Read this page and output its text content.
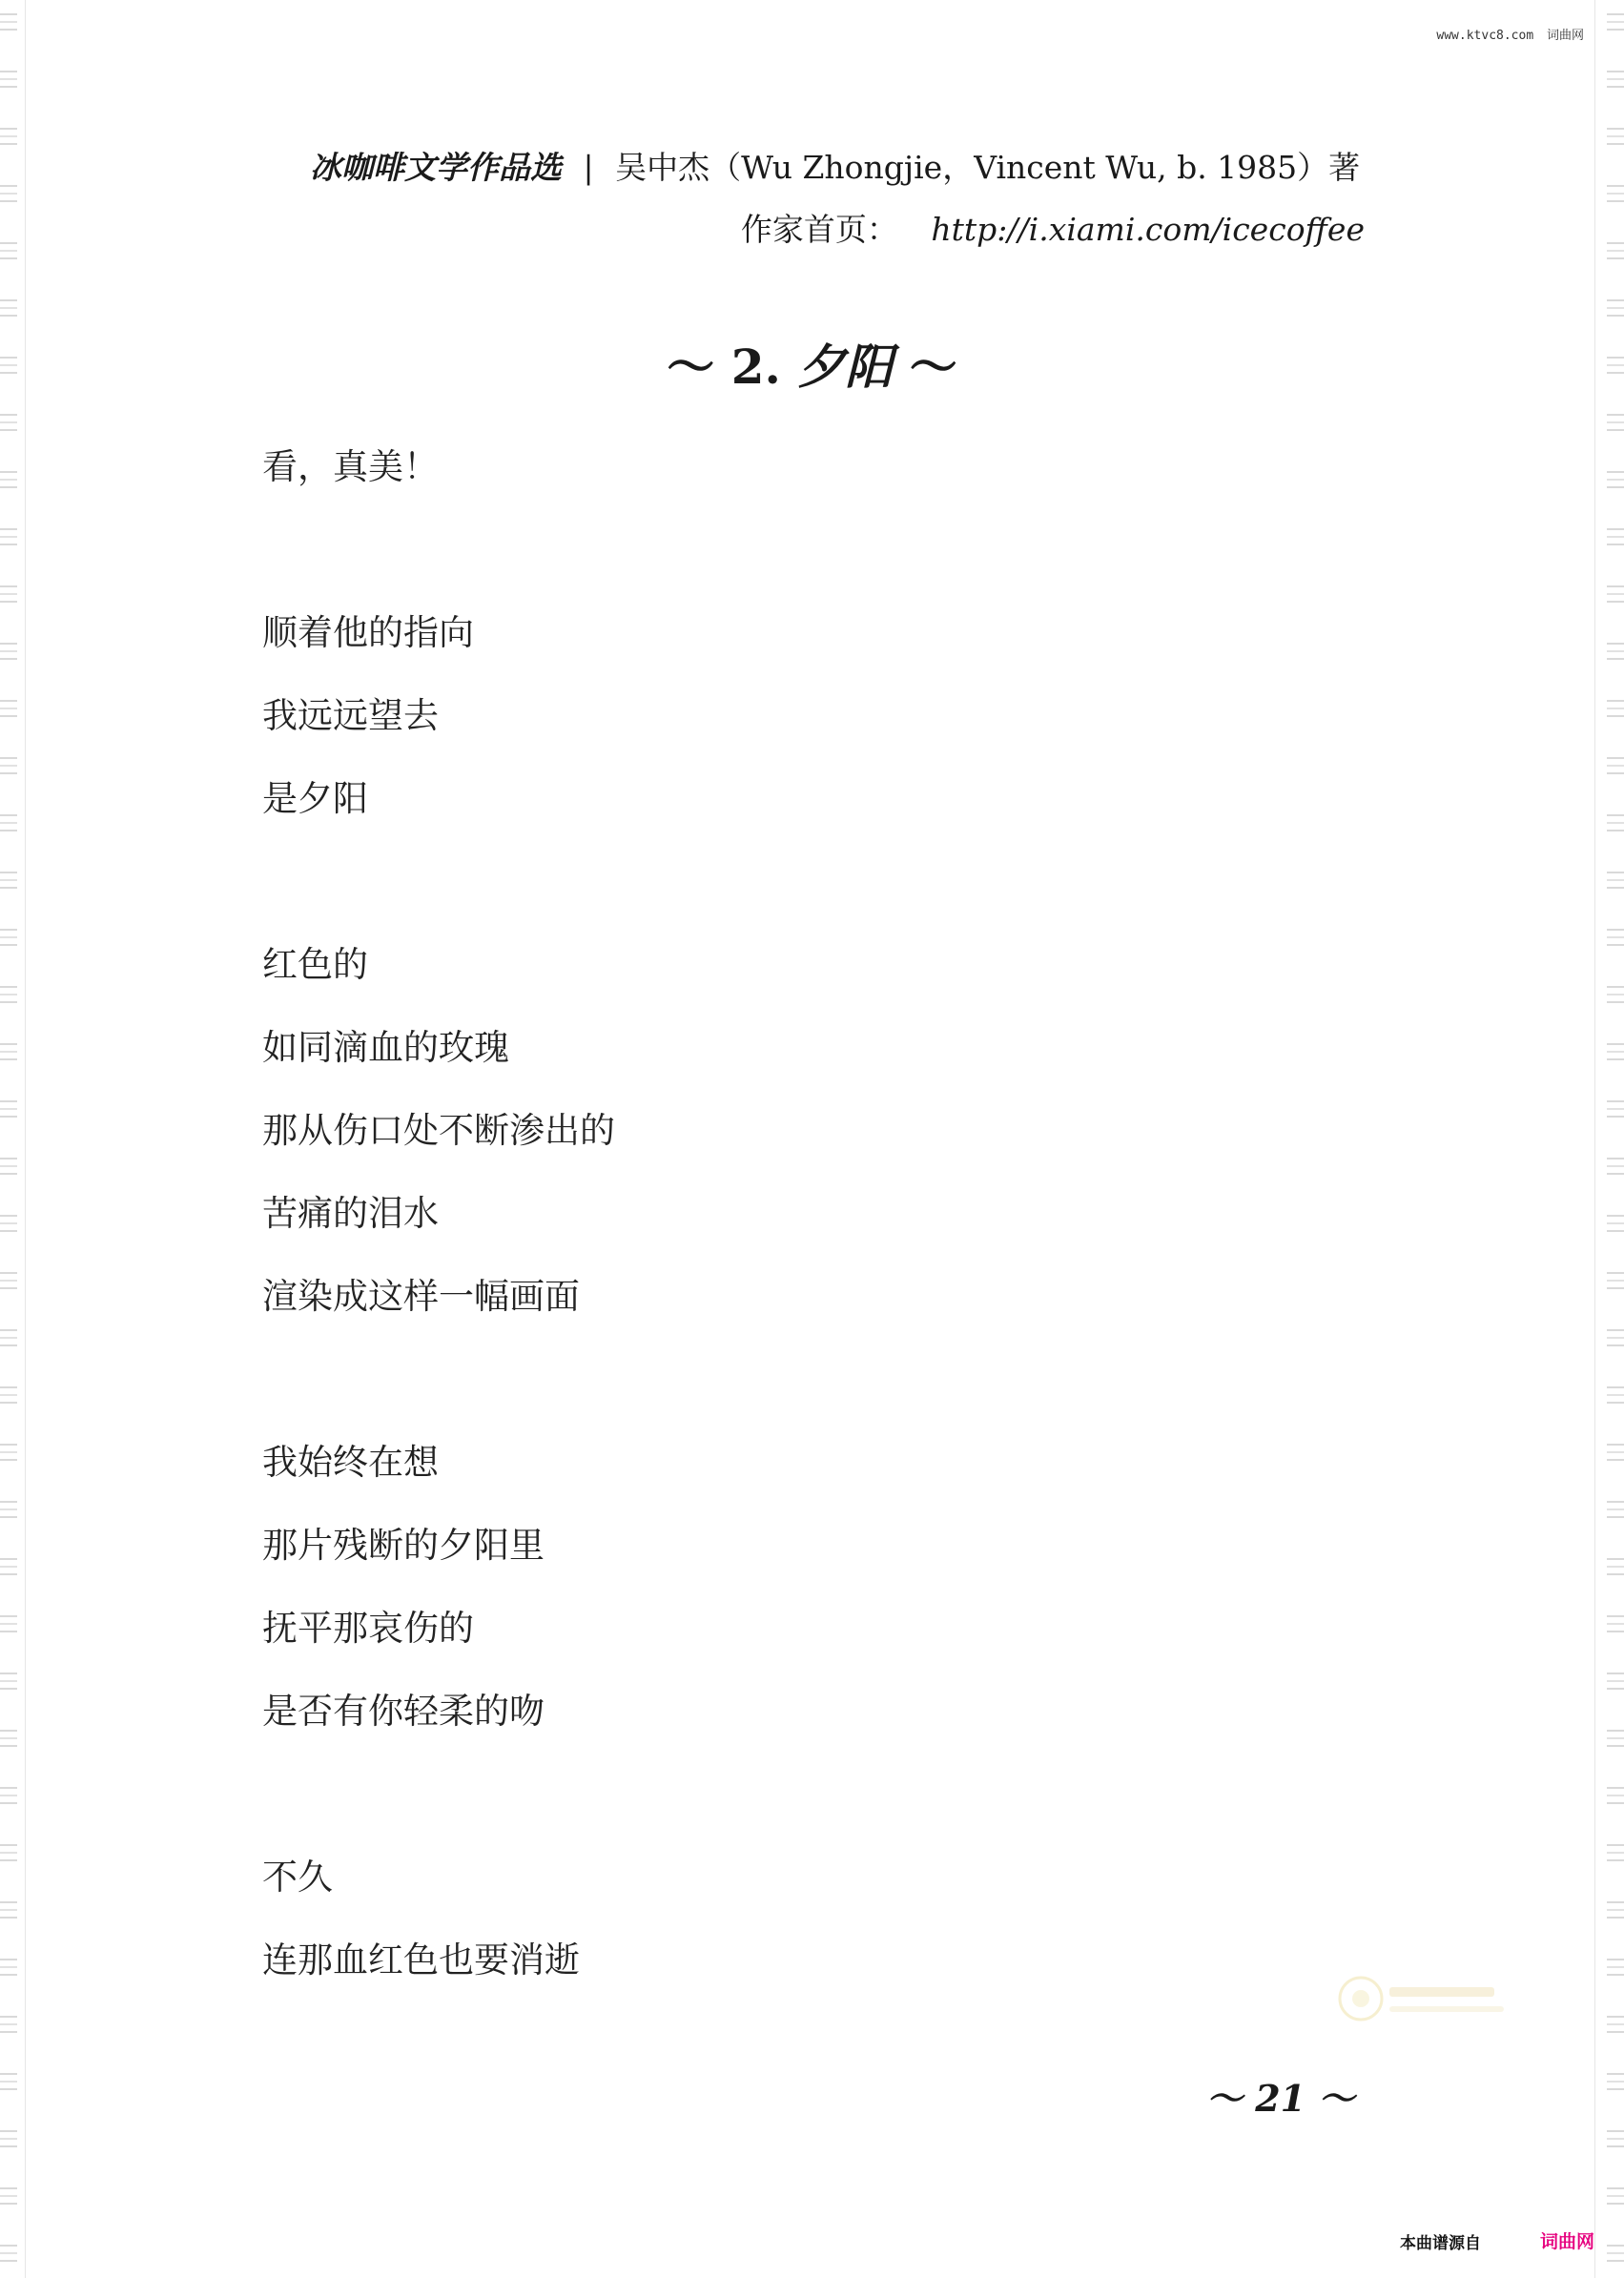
www.ktvc8.com 词曲网
冰咖啡文学作品选 | 吴中杰（Wu Zhongjie，Vincent Wu, b. 1985）著
作家首页： http://i.xiami.com/icecoffee
～ 2. 夕阳 ～
看，真美！
顺着他的指向
我远远望去
是夕阳
红色的
如同滴血的玫瑰
那从伤口处不断渗出的
苦痛的泪水
渲染成这样一幅画面
我始终在想
那片残断的夕阳里
抚平那哀伤的
是否有你轻柔的吻
不久
连那血红色也要消逝
～ 21 ～
本曲谱源自	词曲网
